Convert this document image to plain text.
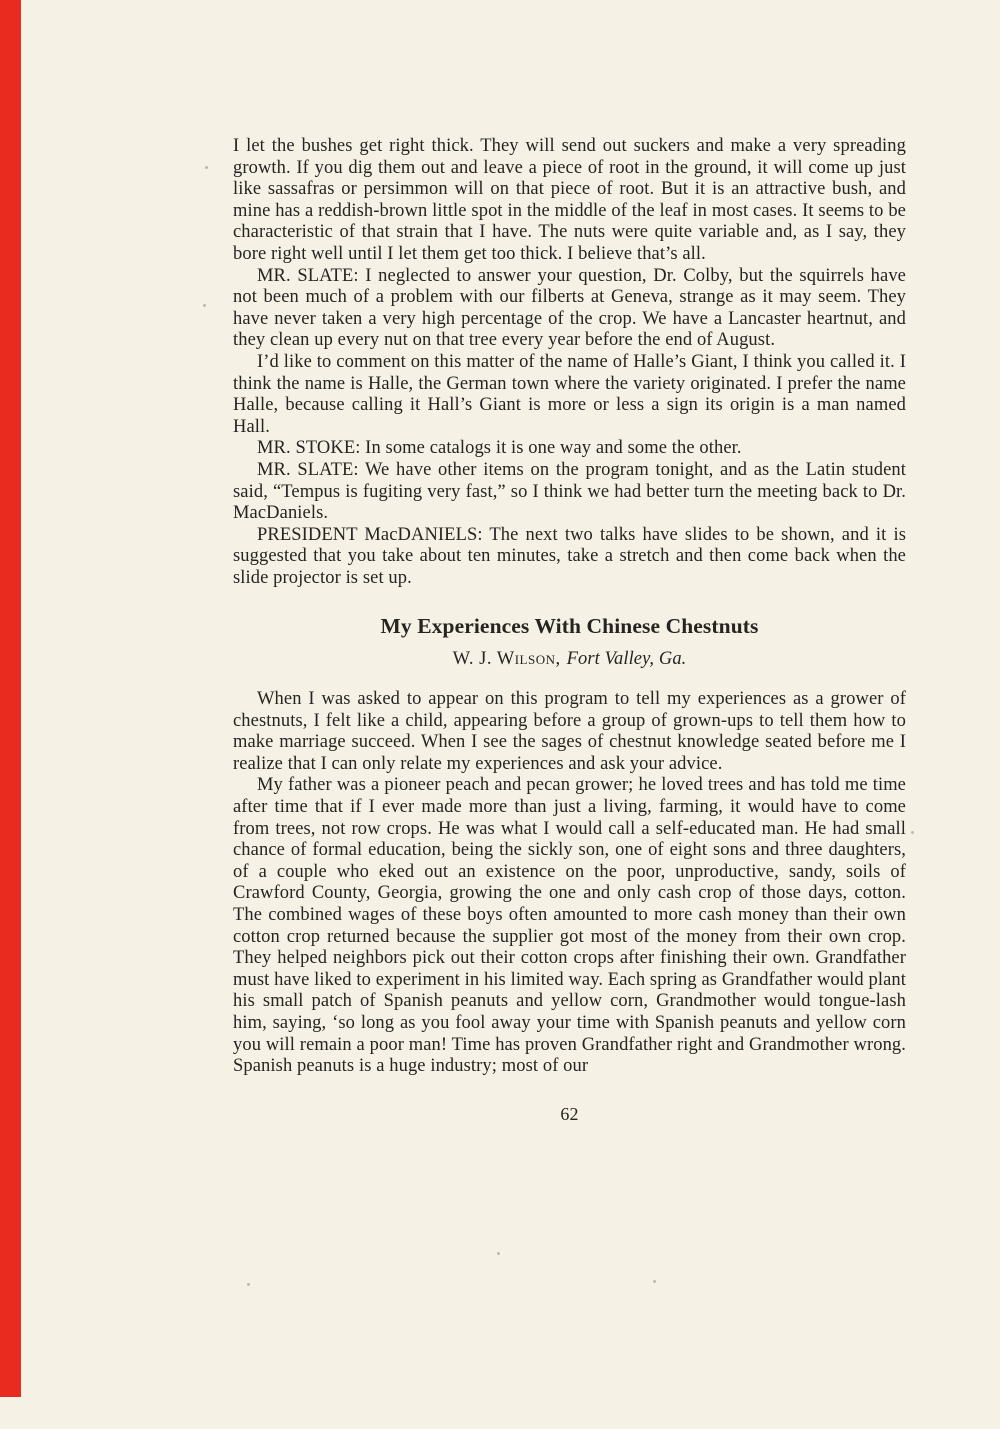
I let the bushes get right thick. They will send out suckers and make a very spreading growth. If you dig them out and leave a piece of root in the ground, it will come up just like sassafras or persimmon will on that piece of root. But it is an attractive bush, and mine has a reddish-brown little spot in the middle of the leaf in most cases. It seems to be characteristic of that strain that I have. The nuts were quite variable and, as I say, they bore right well until I let them get too thick. I believe that’s all.

MR. SLATE: I neglected to answer your question, Dr. Colby, but the squirrels have not been much of a problem with our filberts at Geneva, strange as it may seem. They have never taken a very high percentage of the crop. We have a Lancaster heartnut, and they clean up every nut on that tree every year before the end of August.

I’d like to comment on this matter of the name of Halle’s Giant, I think you called it. I think the name is Halle, the German town where the variety originated. I prefer the name Halle, because calling it Hall’s Giant is more or less a sign its origin is a man named Hall.

MR. STOKE: In some catalogs it is one way and some the other.

MR. SLATE: We have other items on the program tonight, and as the Latin student said, “Tempus is fugiting very fast,” so I think we had better turn the meeting back to Dr. MacDaniels.

PRESIDENT MacDANIELS: The next two talks have slides to be shown, and it is suggested that you take about ten minutes, take a stretch and then come back when the slide projector is set up.

My Experiences With Chinese Chestnuts

W. J. Wilson, Fort Valley, Ga.

When I was asked to appear on this program to tell my experiences as a grower of chestnuts, I felt like a child, appearing before a group of grown-ups to tell them how to make marriage succeed. When I see the sages of chestnut knowledge seated before me I realize that I can only relate my experiences and ask your advice.

My father was a pioneer peach and pecan grower; he loved trees and has told me time after time that if I ever made more than just a living, farming, it would have to come from trees, not row crops. He was what I would call a self-educated man. He had small chance of formal education, being the sickly son, one of eight sons and three daughters, of a couple who eked out an existence on the poor, unproductive, sandy, soils of Crawford County, Georgia, growing the one and only cash crop of those days, cotton. The combined wages of these boys often amounted to more cash money than their own cotton crop returned because the supplier got most of the money from their own crop. They helped neighbors pick out their cotton crops after finishing their own. Grandfather must have liked to experiment in his limited way. Each spring as Grandfather would plant his small patch of Spanish peanuts and yellow corn, Grandmother would tongue-lash him, saying, ‘so long as you fool away your time with Spanish peanuts and yellow corn you will remain a poor man! Time has proven Grandfather right and Grandmother wrong. Spanish peanuts is a huge industry; most of our

62
